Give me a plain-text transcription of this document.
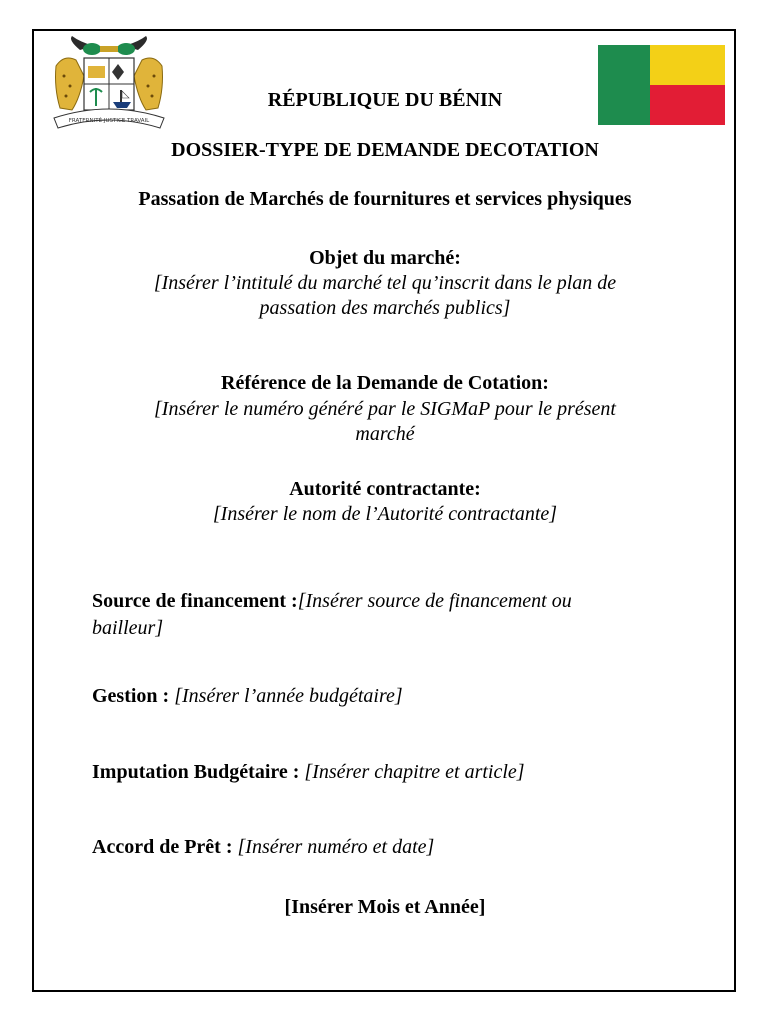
FRATERNITÉ JUSTICE TRAVAIL
RÉPUBLIQUE DU BÉNIN
DOSSIER-TYPE DE DEMANDE DECOTATION
Passation de Marchés de fournitures et services physiques
Objet du marché:
[Insérer l’intitulé du marché tel qu’inscrit dans le plan de
passation des marchés publics]
Référence de la Demande de Cotation:
[Insérer le numéro généré par le SIGMaP pour le présent
marché
Autorité contractante:
[Insérer le nom de l’Autorité contractante]
Source de financement :[Insérer source de financement ou
bailleur]
Gestion : [Insérer l’année budgétaire]
Imputation Budgétaire : [Insérer chapitre et article]
Accord de Prêt : [Insérer numéro et date]
[Insérer Mois et Année]
